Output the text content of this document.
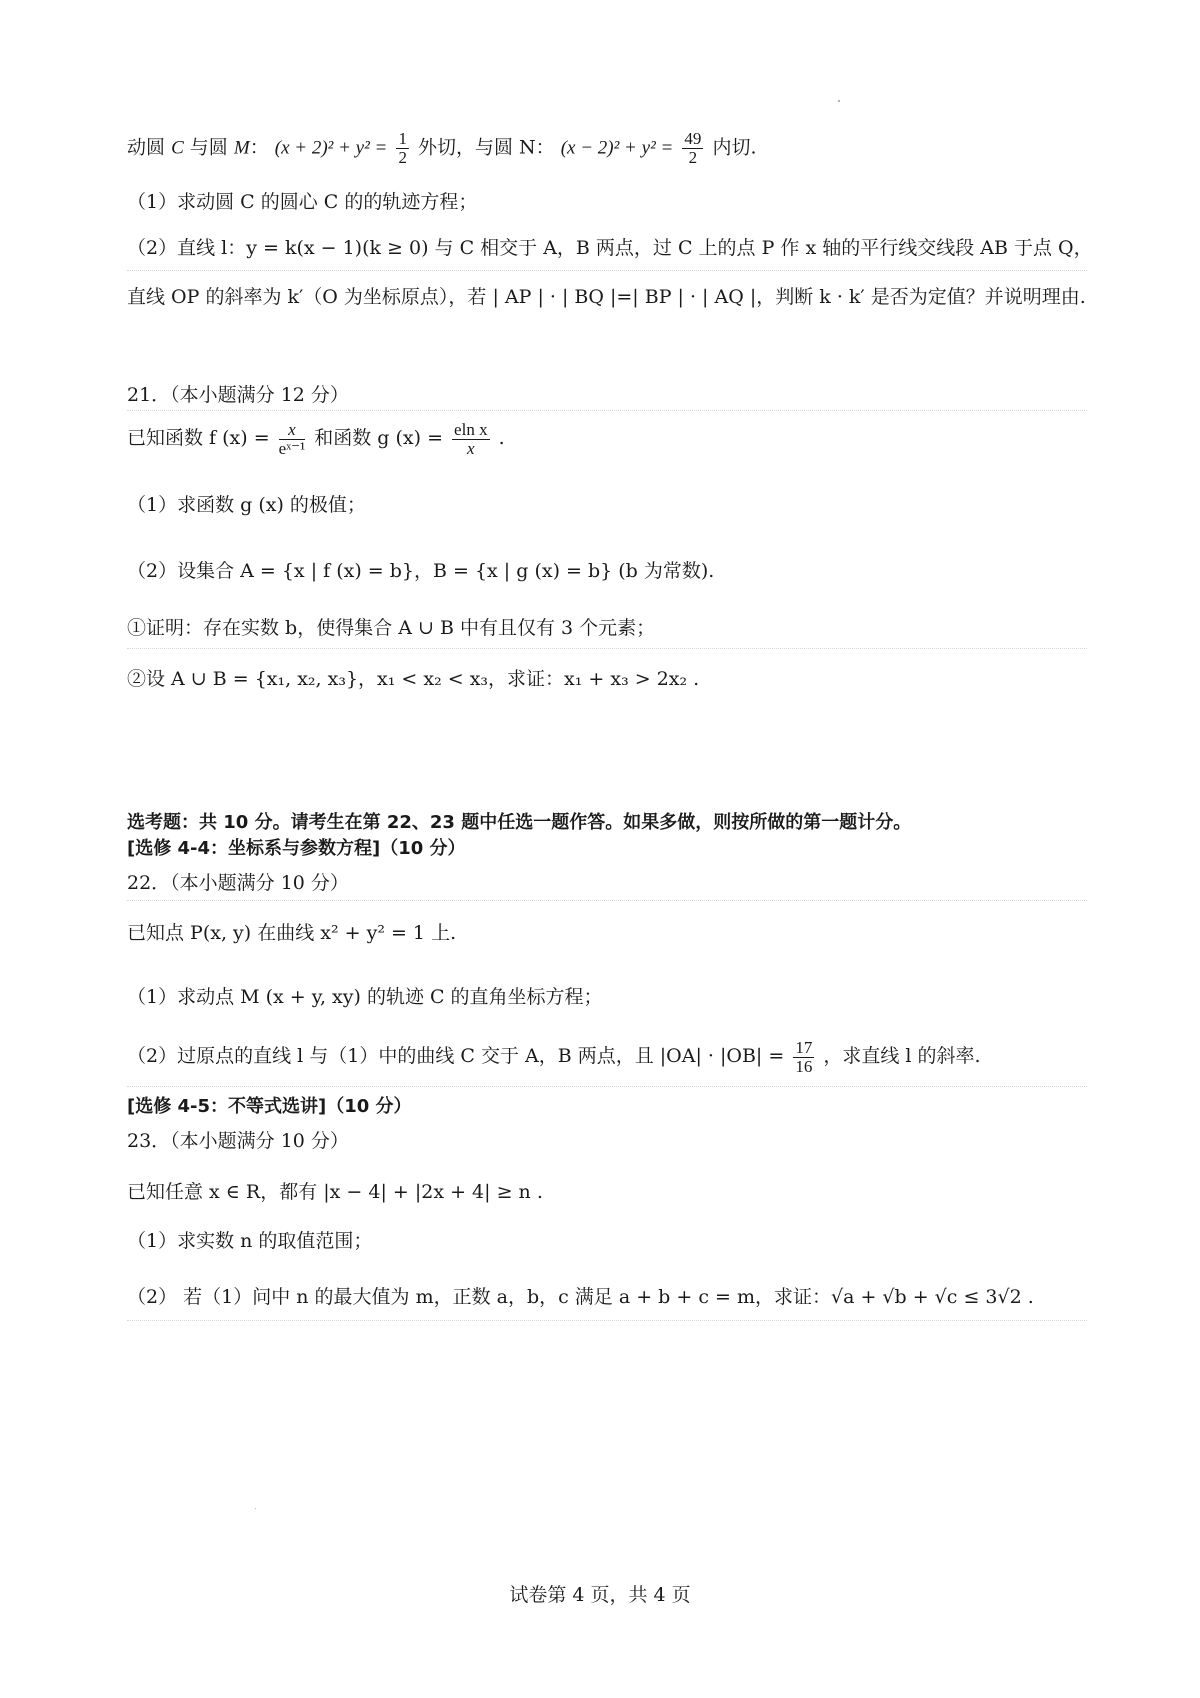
动圆 C 与圆 M： $(x + 2)^2 + y^2 = \frac{1}{2}$ 外切，与圆 N： $(x - 2)^2 + y^2 = \frac{49}{2}$ 内切.
（1）求动圆 C 的圆心 C 的的轨迹方程；
（2）直线 l：y = k(x − 1)(k ≥ 0) 与 C 相交于 A，B 两点，过 C 上的点 P 作 x 轴的平行线交线段 AB 于点 Q，
直线 OP 的斜率为 k′（O 为坐标原点），若 | AP | · | BQ |=| BP | · | AQ |，判断 k · k′ 是否为定值？并说明理由.
21．（本小题满分 12 分）
已知函数 f $(x) = \frac{x}{\text{eˣ⁻¹}}$ 和函数 g $(x) = \frac{\text{eln x}}{x}$ .
（1）求函数 g (x) 的极值；
（2）设集合 A = {x | f (x) = b}，B = {x | g (x) = b} (b 为常数).
①证明：存在实数 b，使得集合 A ∪ B 中有且仅有 3 个元素；
②设 A ∪ B = {x₁, x₂, x₃}，x₁ < x₂ < x₃，求证：x₁ + x₃ > 2x₂ .
选考题：共 10 分。请考生在第 22、23 题中任选一题作答。如果多做，则按所做的第一题计分。
[选修 4-4：坐标系与参数方程]（10 分）
22．（本小题满分 10 分）
已知点 P(x, y) 在曲线 x² + y² = 1 上.
（1）求动点 M (x + y, xy) 的轨迹 C 的直角坐标方程；
（2）过原点的直线 l 与（1）中的曲线 C 交于 A，B 两点，且 $|OA| \cdot |OB| = \frac{17}{16}$ ，求直线 l 的斜率.
[选修 4-5：不等式选讲]（10 分）
23．（本小题满分 10 分）
已知任意 x ∈ R，都有 |x − 4| + |2x + 4| ≥ n .
（1）求实数 n 的取值范围；
（2） 若（1）问中 n 的最大值为 m，正数 a，b，c 满足 a + b + c = m，求证：√a + √b + √c ≤ 3√2 .
试卷第 4 页，共 4 页
